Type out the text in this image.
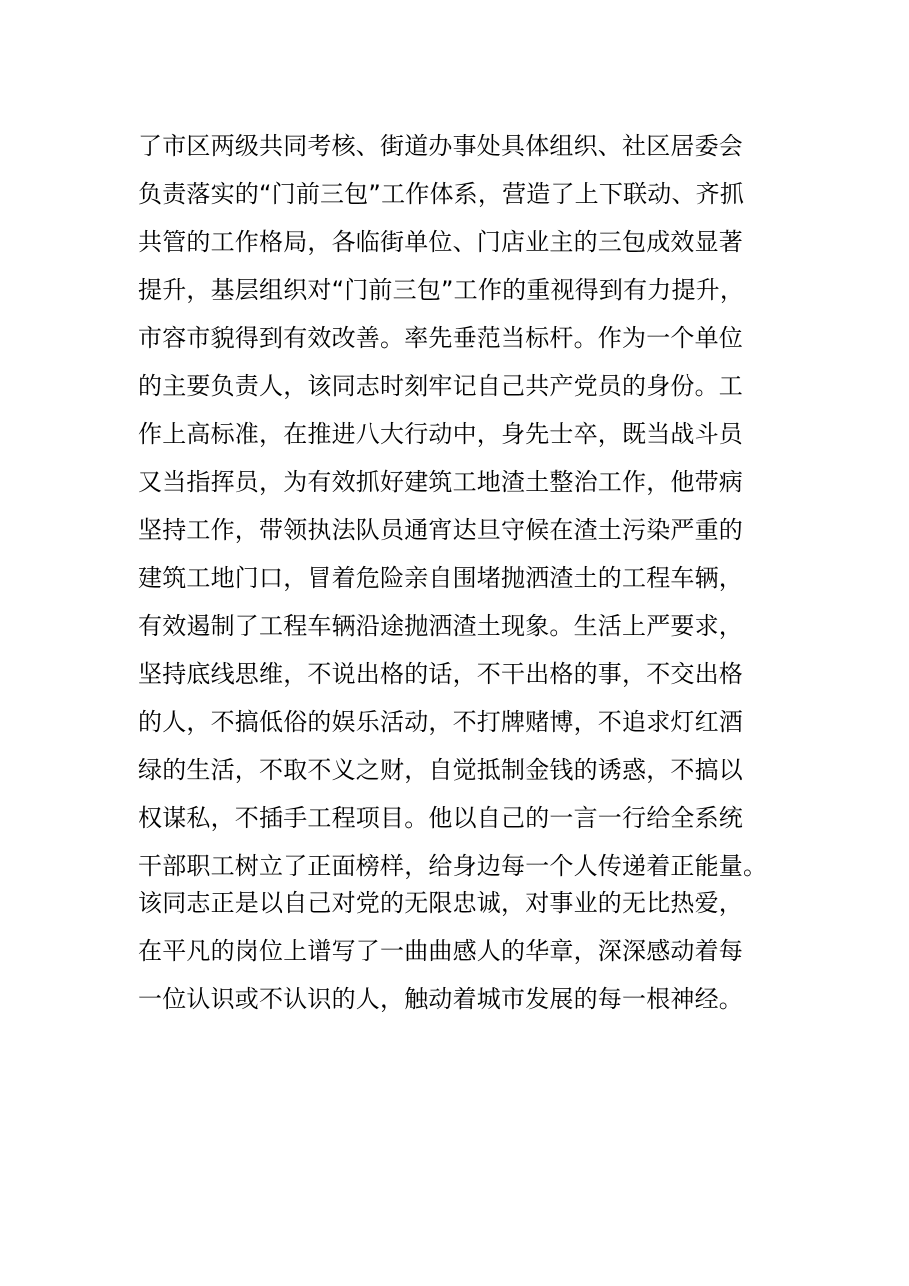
了市区两级共同考核、街道办事处具体组织、社区居委会
负责落实的“门前三包”工作体系，营造了上下联动、齐抓
共管的工作格局，各临街单位、门店业主的三包成效显著
提升，基层组织对“门前三包”工作的重视得到有力提升，
市容市貌得到有效改善。率先垂范当标杆。作为一个单位
的主要负责人，该同志时刻牢记自己共产党员的身份。工
作上高标准，在推进八大行动中，身先士卒，既当战斗员
又当指挥员，为有效抓好建筑工地渣土整治工作，他带病
坚持工作，带领执法队员通宵达旦守候在渣土污染严重的
建筑工地门口，冒着危险亲自围堵抛洒渣土的工程车辆，
有效遏制了工程车辆沿途抛洒渣土现象。生活上严要求，
坚持底线思维，不说出格的话，不干出格的事，不交出格
的人，不搞低俗的娱乐活动，不打牌赌博，不追求灯红酒
绿的生活，不取不义之财，自觉抵制金钱的诱惑，不搞以
权谋私，不插手工程项目。他以自己的一言一行给全系统
干部职工树立了正面榜样，给身边每一个人传递着正能量。
该同志正是以自己对党的无限忠诚，对事业的无比热爱，
在平凡的岗位上谱写了一曲曲感人的华章，深深感动着每
一位认识或不认识的人，触动着城市发展的每一根神经。
